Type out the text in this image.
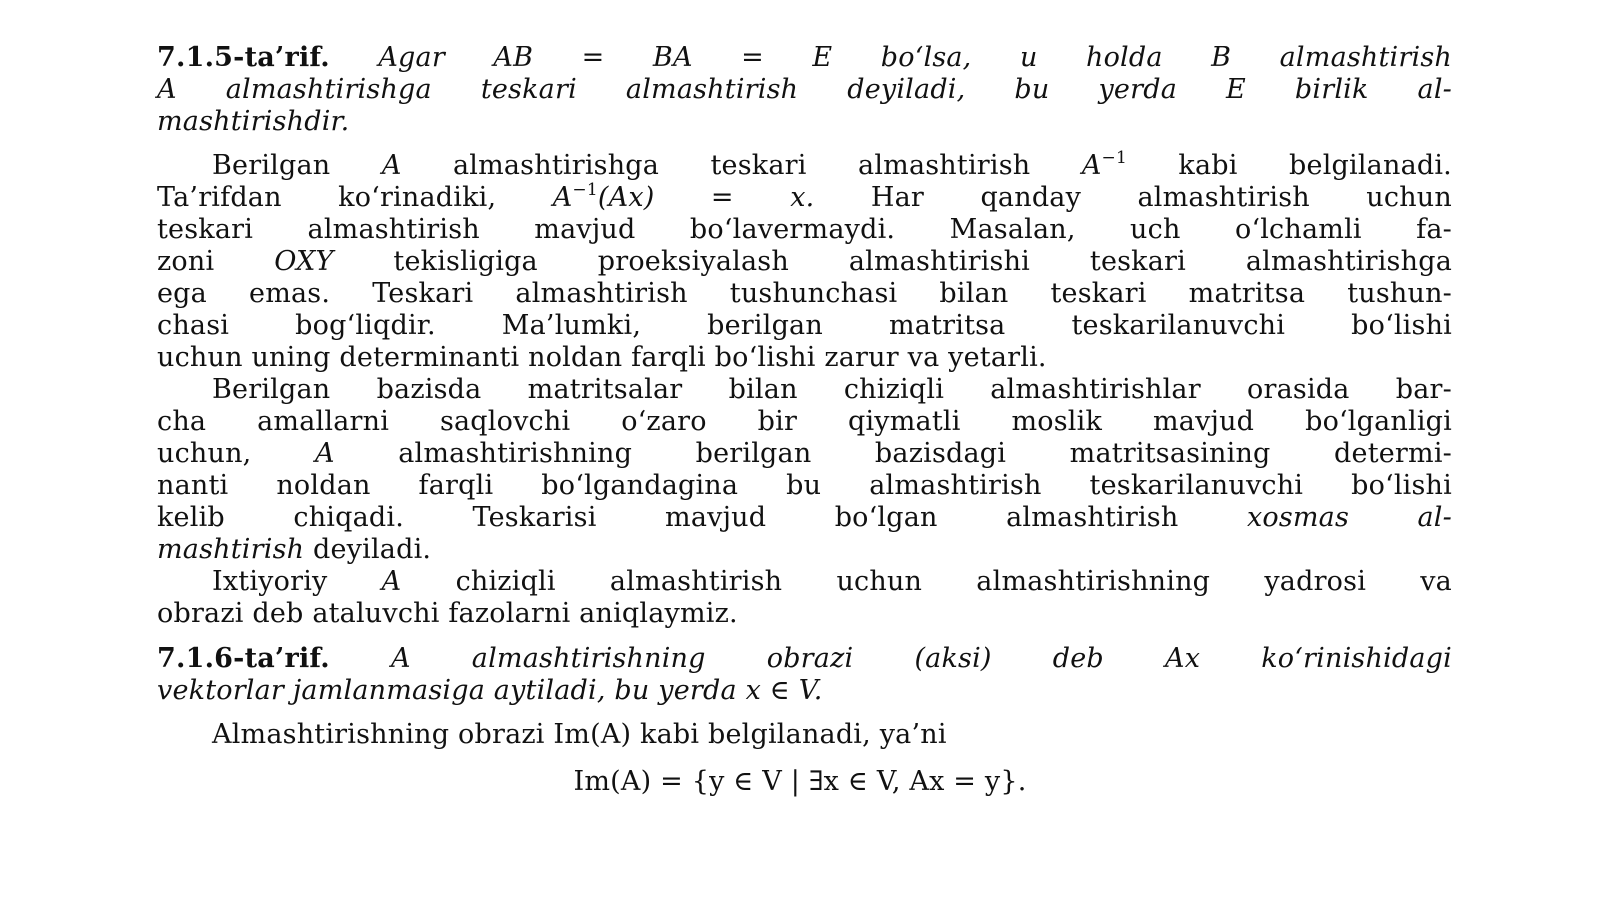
7.1.5-ta’rif. Agar AB = BA = E bo‘lsa, u holda B almashtirish
A almashtirishga teskari almashtirish deyiladi, bu yerda E birlik al-
mashtirishdir.
Berilgan A almashtirishga teskari almashtirish $A^{-1}$ kabi belgilanadi.
Ta’rifdan ko‘rinadiki, $A^{-1}(Ax) = x$. Har qanday almashtirish uchun
teskari almashtirish mavjud bo‘lavermaydi. Masalan, uch o‘lchamli fa-
zoni OXY tekisligiga proeksiyalash almashtirishi teskari almashtirishga
ega emas. Teskari almashtirish tushunchasi bilan teskari matritsa tushun-
chasi bog‘liqdir. Ma’lumki, berilgan matritsa teskarilanuvchi bo‘lishi
uchun uning determinanti noldan farqli bo‘lishi zarur va yetarli.
Berilgan bazisda matritsalar bilan chiziqli almashtirishlar orasida bar-
cha amallarni saqlovchi o‘zaro bir qiymatli moslik mavjud bo‘lganligi
uchun, A almashtirishning berilgan bazisdagi matritsasining determi-
nanti noldan farqli bo‘lgandagina bu almashtirish teskarilanuvchi bo‘lishi
kelib chiqadi. Teskarisi mavjud bo‘lgan almashtirish	xosmas al-
mashtirish deyiladi.
Ixtiyoriy A chiziqli almashtirish uchun almashtirishning yadrosi va
obrazi deb ataluvchi fazolarni aniqlaymiz.
7.1.6-ta’rif. A almashtirishning obrazi (aksi) deb Ax ko‘rinishidagi
vektorlar jamlanmasiga aytiladi, bu yerda x ∈ V.
Almashtirishning obrazi Im(A) kabi belgilanadi, ya’ni
Im(A) = {y ∈ V | ∃x ∈ V, Ax = y}.
